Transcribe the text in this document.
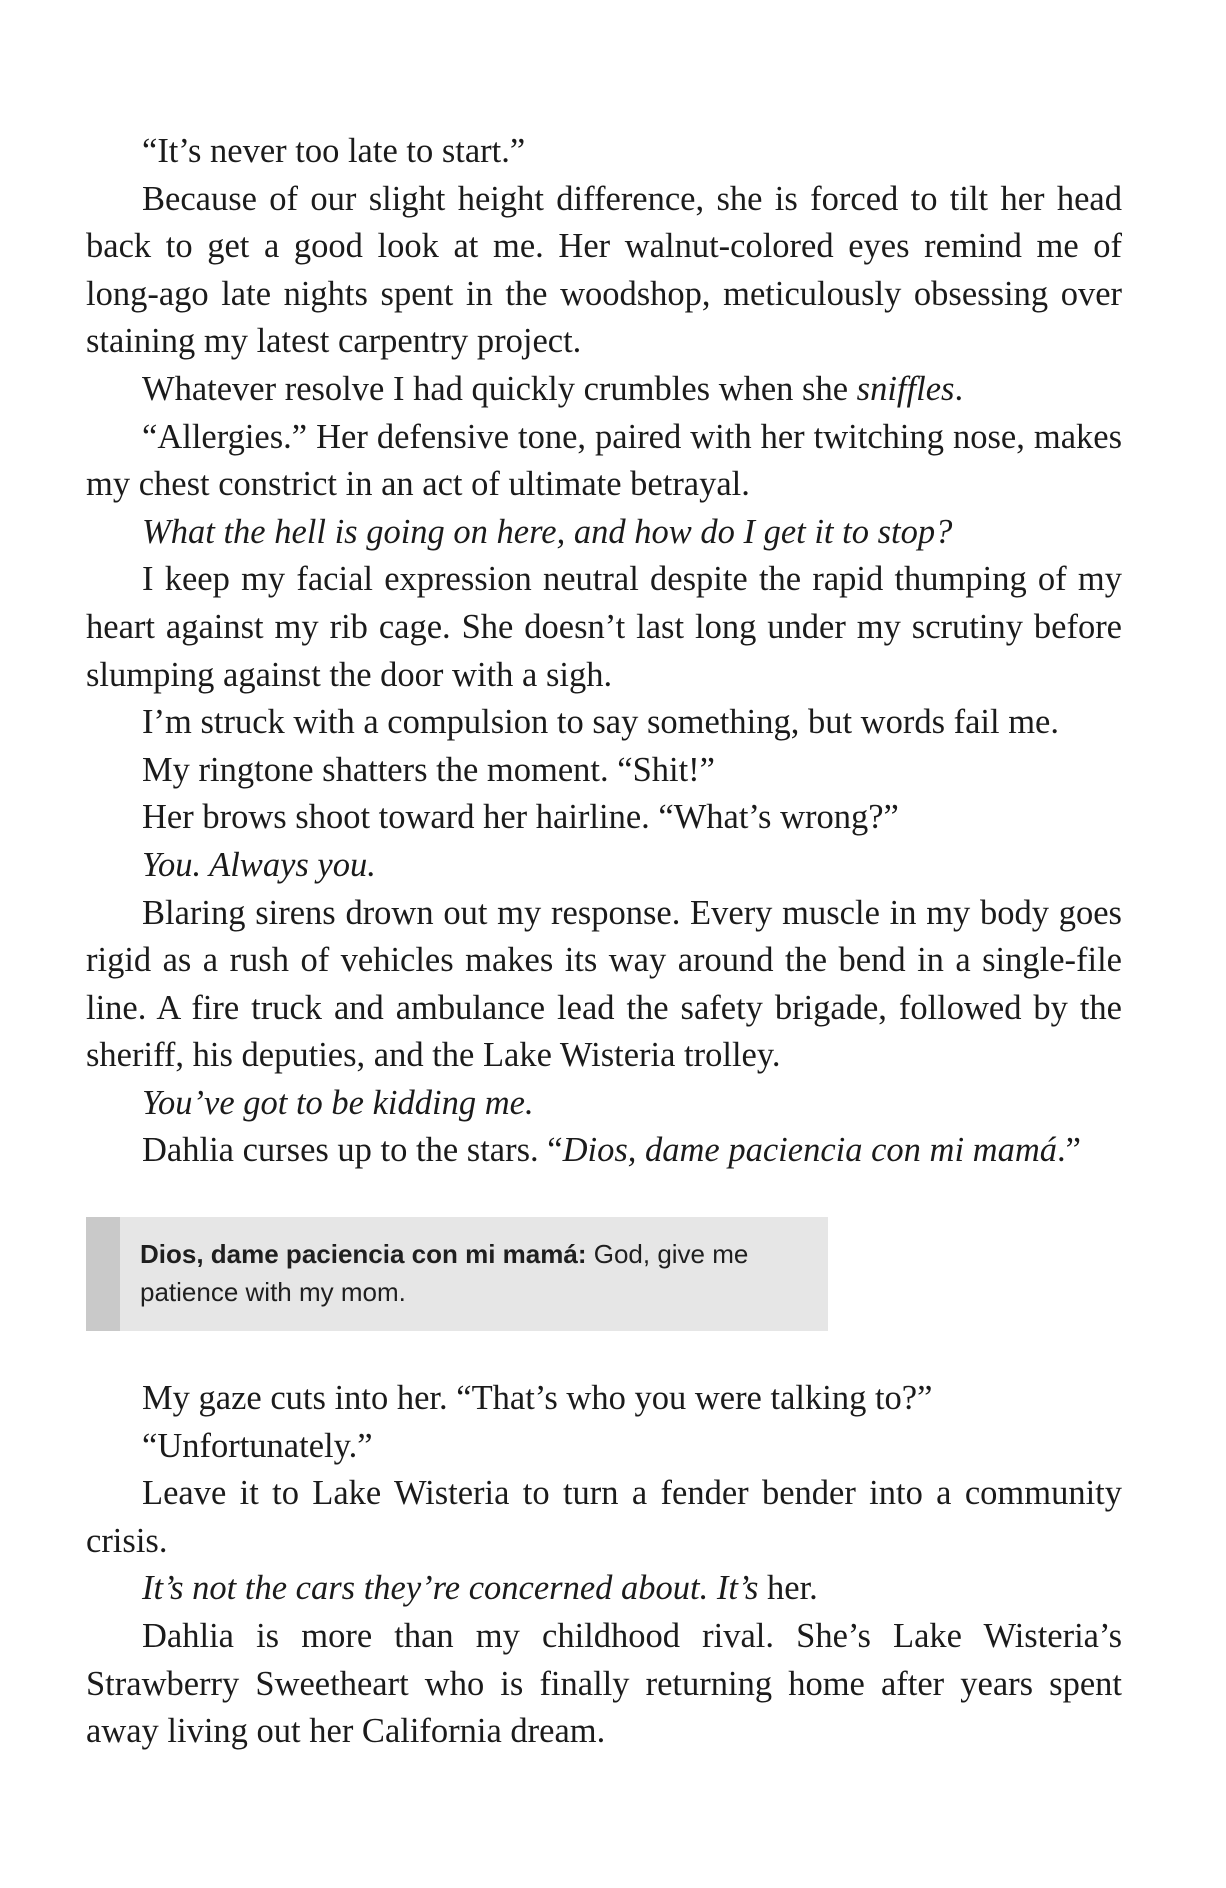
“It’s never too late to start.”

Because of our slight height difference, she is forced to tilt her head back to get a good look at me. Her walnut-colored eyes remind me of long-ago late nights spent in the woodshop, meticulously obsessing over staining my latest carpentry project.

Whatever resolve I had quickly crumbles when she sniffles.

“Allergies.” Her defensive tone, paired with her twitching nose, makes my chest constrict in an act of ultimate betrayal.

What the hell is going on here, and how do I get it to stop?

I keep my facial expression neutral despite the rapid thumping of my heart against my rib cage. She doesn’t last long under my scrutiny before slumping against the door with a sigh.

I’m struck with a compulsion to say something, but words fail me.

My ringtone shatters the moment. “Shit!”

Her brows shoot toward her hairline. “What’s wrong?”

You. Always you.

Blaring sirens drown out my response. Every muscle in my body goes rigid as a rush of vehicles makes its way around the bend in a single-file line. A fire truck and ambulance lead the safety brigade, followed by the sheriff, his deputies, and the Lake Wisteria trolley.

You’ve got to be kidding me.

Dahlia curses up to the stars. “Dios, dame paciencia con mi mamá.”

Dios, dame paciencia con mi mamá: God, give me patience with my mom.

My gaze cuts into her. “That’s who you were talking to?”

“Unfortunately.”

Leave it to Lake Wisteria to turn a fender bender into a community crisis.

It’s not the cars they’re concerned about. It’s her.

Dahlia is more than my childhood rival. She’s Lake Wisteria’s Strawberry Sweetheart who is finally returning home after years spent away living out her California dream.
